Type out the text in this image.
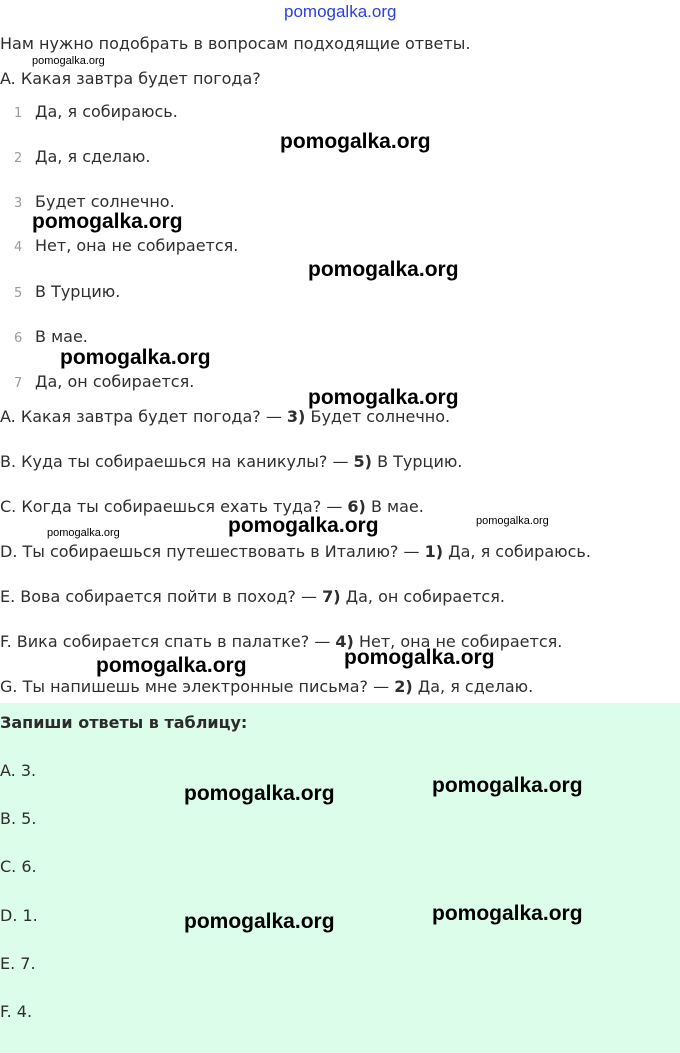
pomogalka.org
Нам нужно подобрать в вопросам подходящие ответы.
A. Какая завтра будет погода?
1 Да, я собираюсь.
2 Да, я сделаю.
3 Будет солнечно.
4 Нет, она не собирается.
5 В Турцию.
6 В мае.
7 Да, он собирается.
A. Какая завтра будет погода? — 3) Будет солнечно.
B. Куда ты собираешься на каникулы? — 5) В Турцию.
C. Когда ты собираешься ехать туда? — 6) В мае.
D. Ты собираешься путешествовать в Италию? — 1) Да, я собираюсь.
E. Вова собирается пойти в поход? — 7) Да, он собирается.
F. Вика собирается спать в палатке? — 4) Нет, она не собирается.
G. Ты напишешь мне электронные письма? — 2) Да, я сделаю.
Запиши ответы в таблицу:
A. 3.
B. 5.
C. 6.
D. 1.
E. 7.
F. 4.
pomogalka.org
pomogalka.org
pomogalka.org
pomogalka.org
pomogalka.org
pomogalka.org
pomogalka.org	pomogalka.org	pomogalka.org
pomogalka.org	pomogalka.org
pomogalka.org	pomogalka.org
pomogalka.org	pomogalka.org
